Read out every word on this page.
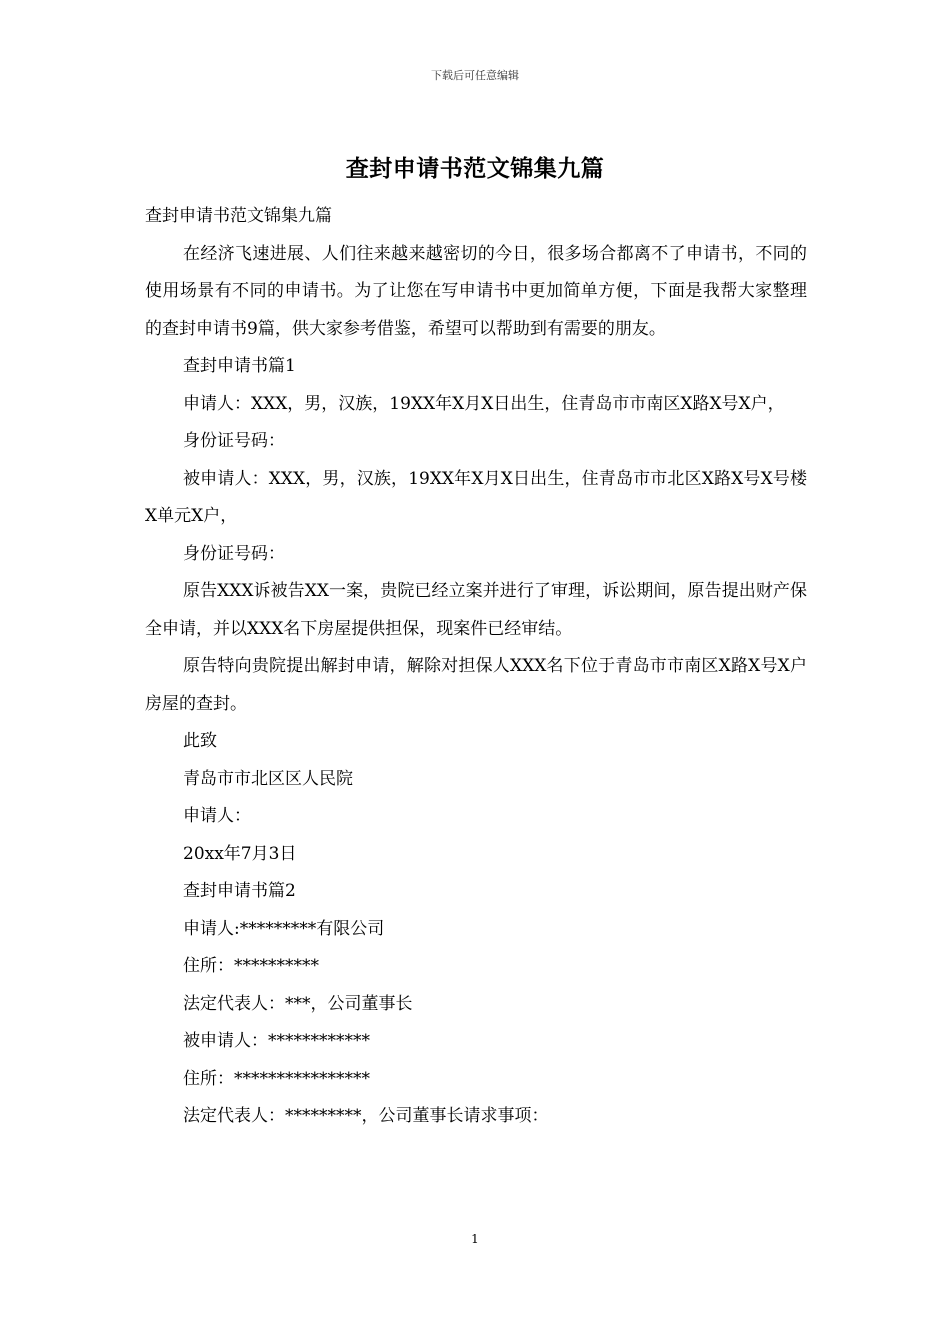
下载后可任意编辑
查封申请书范文锦集九篇

查封申请书范文锦集九篇

在经济飞速进展、人们往来越来越密切的今日，很多场合都离不了申请书，不同的使用场景有不同的申请书。为了让您在写申请书中更加简单方便，下面是我帮大家整理的查封申请书9篇，供大家参考借鉴，希望可以帮助到有需要的朋友。

查封申请书篇1

申请人：XXX，男，汉族，19XX年X月X日出生，住青岛市市南区X路X号X户，

身份证号码：

被申请人：XXX，男，汉族，19XX年X月X日出生，住青岛市市北区X路X号X号楼X单元X户，

身份证号码：

原告XXX诉被告XX一案，贵院已经立案并进行了审理，诉讼期间，原告提出财产保全申请，并以XXX名下房屋提供担保，现案件已经审结。

原告特向贵院提出解封申请，解除对担保人XXX名下位于青岛市市南区X路X号X户房屋的查封。

此致

青岛市市北区区人民院

申请人：

20xx年7月3日

查封申请书篇2

申请人:*********有限公司

住所：**********

法定代表人：***，公司董事长

被申请人：************

住所：****************

法定代表人：*********，公司董事长请求事项：

1
